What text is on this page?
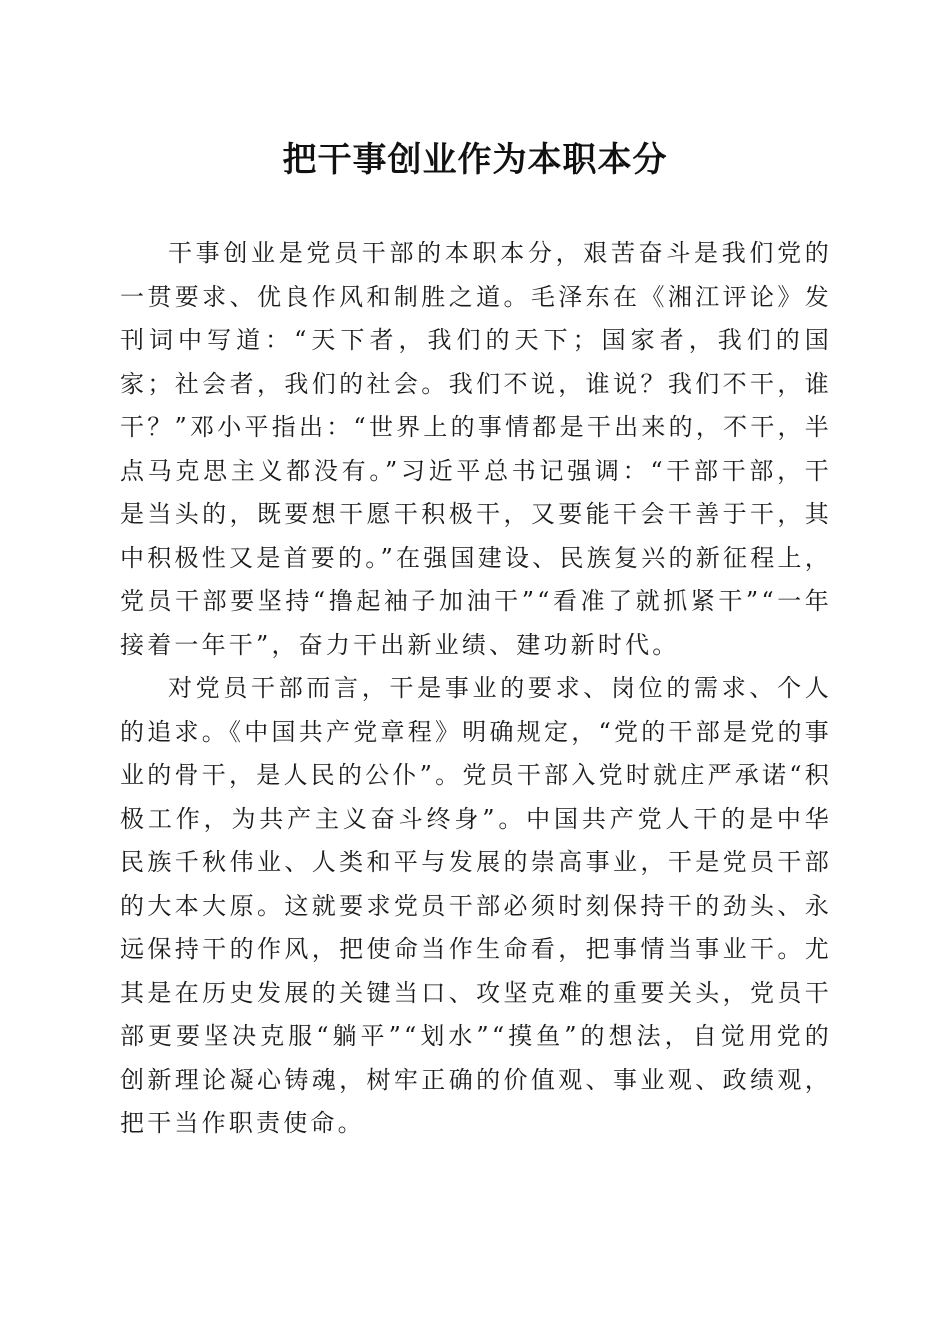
把干事创业作为本职本分

干事创业是党员干部的本职本分，艰苦奋斗是我们党的一贯要求、优良作风和制胜之道。毛泽东在《湘江评论》发刊词中写道：“天下者，我们的天下；国家者，我们的国家；社会者，我们的社会。我们不说，谁说？我们不干，谁干？”邓小平指出：“世界上的事情都是干出来的，不干，半点马克思主义都没有。”习近平总书记强调：“干部干部，干是当头的，既要想干愿干积极干，又要能干会干善于干，其中积极性又是首要的。”在强国建设、民族复兴的新征程上，党员干部要坚持“撸起袖子加油干”“看准了就抓紧干”“一年接着一年干”，奋力干出新业绩、建功新时代。

对党员干部而言，干是事业的要求、岗位的需求、个人的追求。《中国共产党章程》明确规定，“党的干部是党的事业的骨干，是人民的公仆”。党员干部入党时就庄严承诺“积极工作，为共产主义奋斗终身”。中国共产党人干的是中华民族千秋伟业、人类和平与发展的崇高事业，干是党员干部的大本大原。这就要求党员干部必须时刻保持干的劲头、永远保持干的作风，把使命当作生命看，把事情当事业干。尤其是在历史发展的关键当口、攻坚克难的重要关头，党员干部更要坚决克服“躺平”“划水”“摸鱼”的想法，自觉用党的创新理论凝心铸魂，树牢正确的价值观、事业观、政绩观，把干当作职责使命。
